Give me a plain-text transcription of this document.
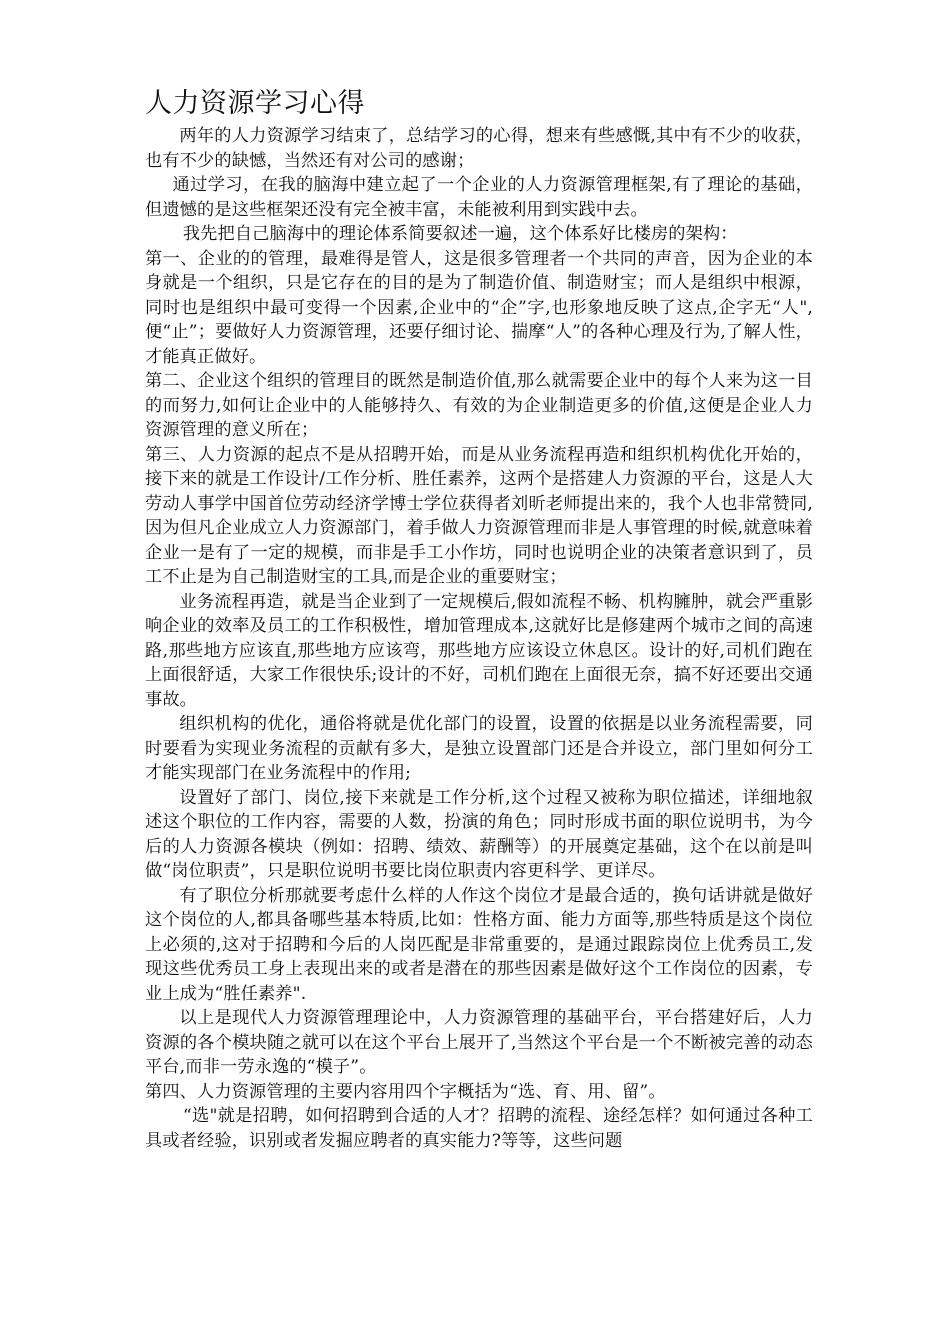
人力资源学习心得

两年的人力资源学习结束了，总结学习的心得，想来有些感慨,其中有不少的收获，也有不少的缺憾，当然还有对公司的感谢；

通过学习，在我的脑海中建立起了一个企业的人力资源管理框架,有了理论的基础，但遗憾的是这些框架还没有完全被丰富，未能被利用到实践中去。

我先把自己脑海中的理论体系简要叙述一遍，这个体系好比楼房的架构：

第一、企业的的管理，最难得是管人，这是很多管理者一个共同的声音，因为企业的本身就是一个组织，只是它存在的目的是为了制造价值、制造财宝；而人是组织中根源，同时也是组织中最可变得一个因素,企业中的“企”字,也形象地反映了这点,企字无“人",便“止”；要做好人力资源管理，还要仔细讨论、揣摩“人”的各种心理及行为,了解人性，才能真正做好。

第二、企业这个组织的管理目的既然是制造价值,那么就需要企业中的每个人来为这一目的而努力,如何让企业中的人能够持久、有效的为企业制造更多的价值,这便是企业人力资源管理的意义所在；

第三、人力资源的起点不是从招聘开始，而是从业务流程再造和组织机构优化开始的，接下来的就是工作设计/工作分析、胜任素养，这两个是搭建人力资源的平台，这是人大劳动人事学中国首位劳动经济学博士学位获得者刘昕老师提出来的，我个人也非常赞同,因为但凡企业成立人力资源部门，着手做人力资源管理而非是人事管理的时候,就意味着企业一是有了一定的规模，而非是手工小作坊，同时也说明企业的决策者意识到了，员工不止是为自己制造财宝的工具,而是企业的重要财宝；

业务流程再造，就是当企业到了一定规模后,假如流程不畅、机构臃肿，就会严重影响企业的效率及员工的工作积极性，增加管理成本,这就好比是修建两个城市之间的高速路,那些地方应该直,那些地方应该弯，那些地方应该设立休息区。设计的好,司机们跑在上面很舒适，大家工作很快乐;设计的不好，司机们跑在上面很无奈，搞不好还要出交通事故。

组织机构的优化，通俗将就是优化部门的设置，设置的依据是以业务流程需要，同时要看为实现业务流程的贡献有多大，是独立设置部门还是合并设立，部门里如何分工才能实现部门在业务流程中的作用;

设置好了部门、岗位,接下来就是工作分析,这个过程又被称为职位描述，详细地叙述这个职位的工作内容，需要的人数，扮演的角色；同时形成书面的职位说明书，为今后的人力资源各模块（例如：招聘、绩效、薪酬等）的开展奠定基础，这个在以前是叫做“岗位职责”，只是职位说明书要比岗位职责内容更科学、更详尽。

有了职位分析那就要考虑什么样的人作这个岗位才是最合适的，换句话讲就是做好这个岗位的人,都具备哪些基本特质,比如：性格方面、能力方面等,那些特质是这个岗位上必须的,这对于招聘和今后的人岗匹配是非常重要的，是通过跟踪岗位上优秀员工,发现这些优秀员工身上表现出来的或者是潜在的那些因素是做好这个工作岗位的因素，专业上成为“胜任素养".

以上是现代人力资源管理理论中，人力资源管理的基础平台，平台搭建好后，人力资源的各个模块随之就可以在这个平台上展开了,当然这个平台是一个不断被完善的动态平台,而非一劳永逸的“模子”。

第四、人力资源管理的主要内容用四个字概括为“选、育、用、留”。

“选"就是招聘，如何招聘到合适的人才？招聘的流程、途经怎样？如何通过各种工具或者经验，识别或者发掘应聘者的真实能力?等等，这些问题
